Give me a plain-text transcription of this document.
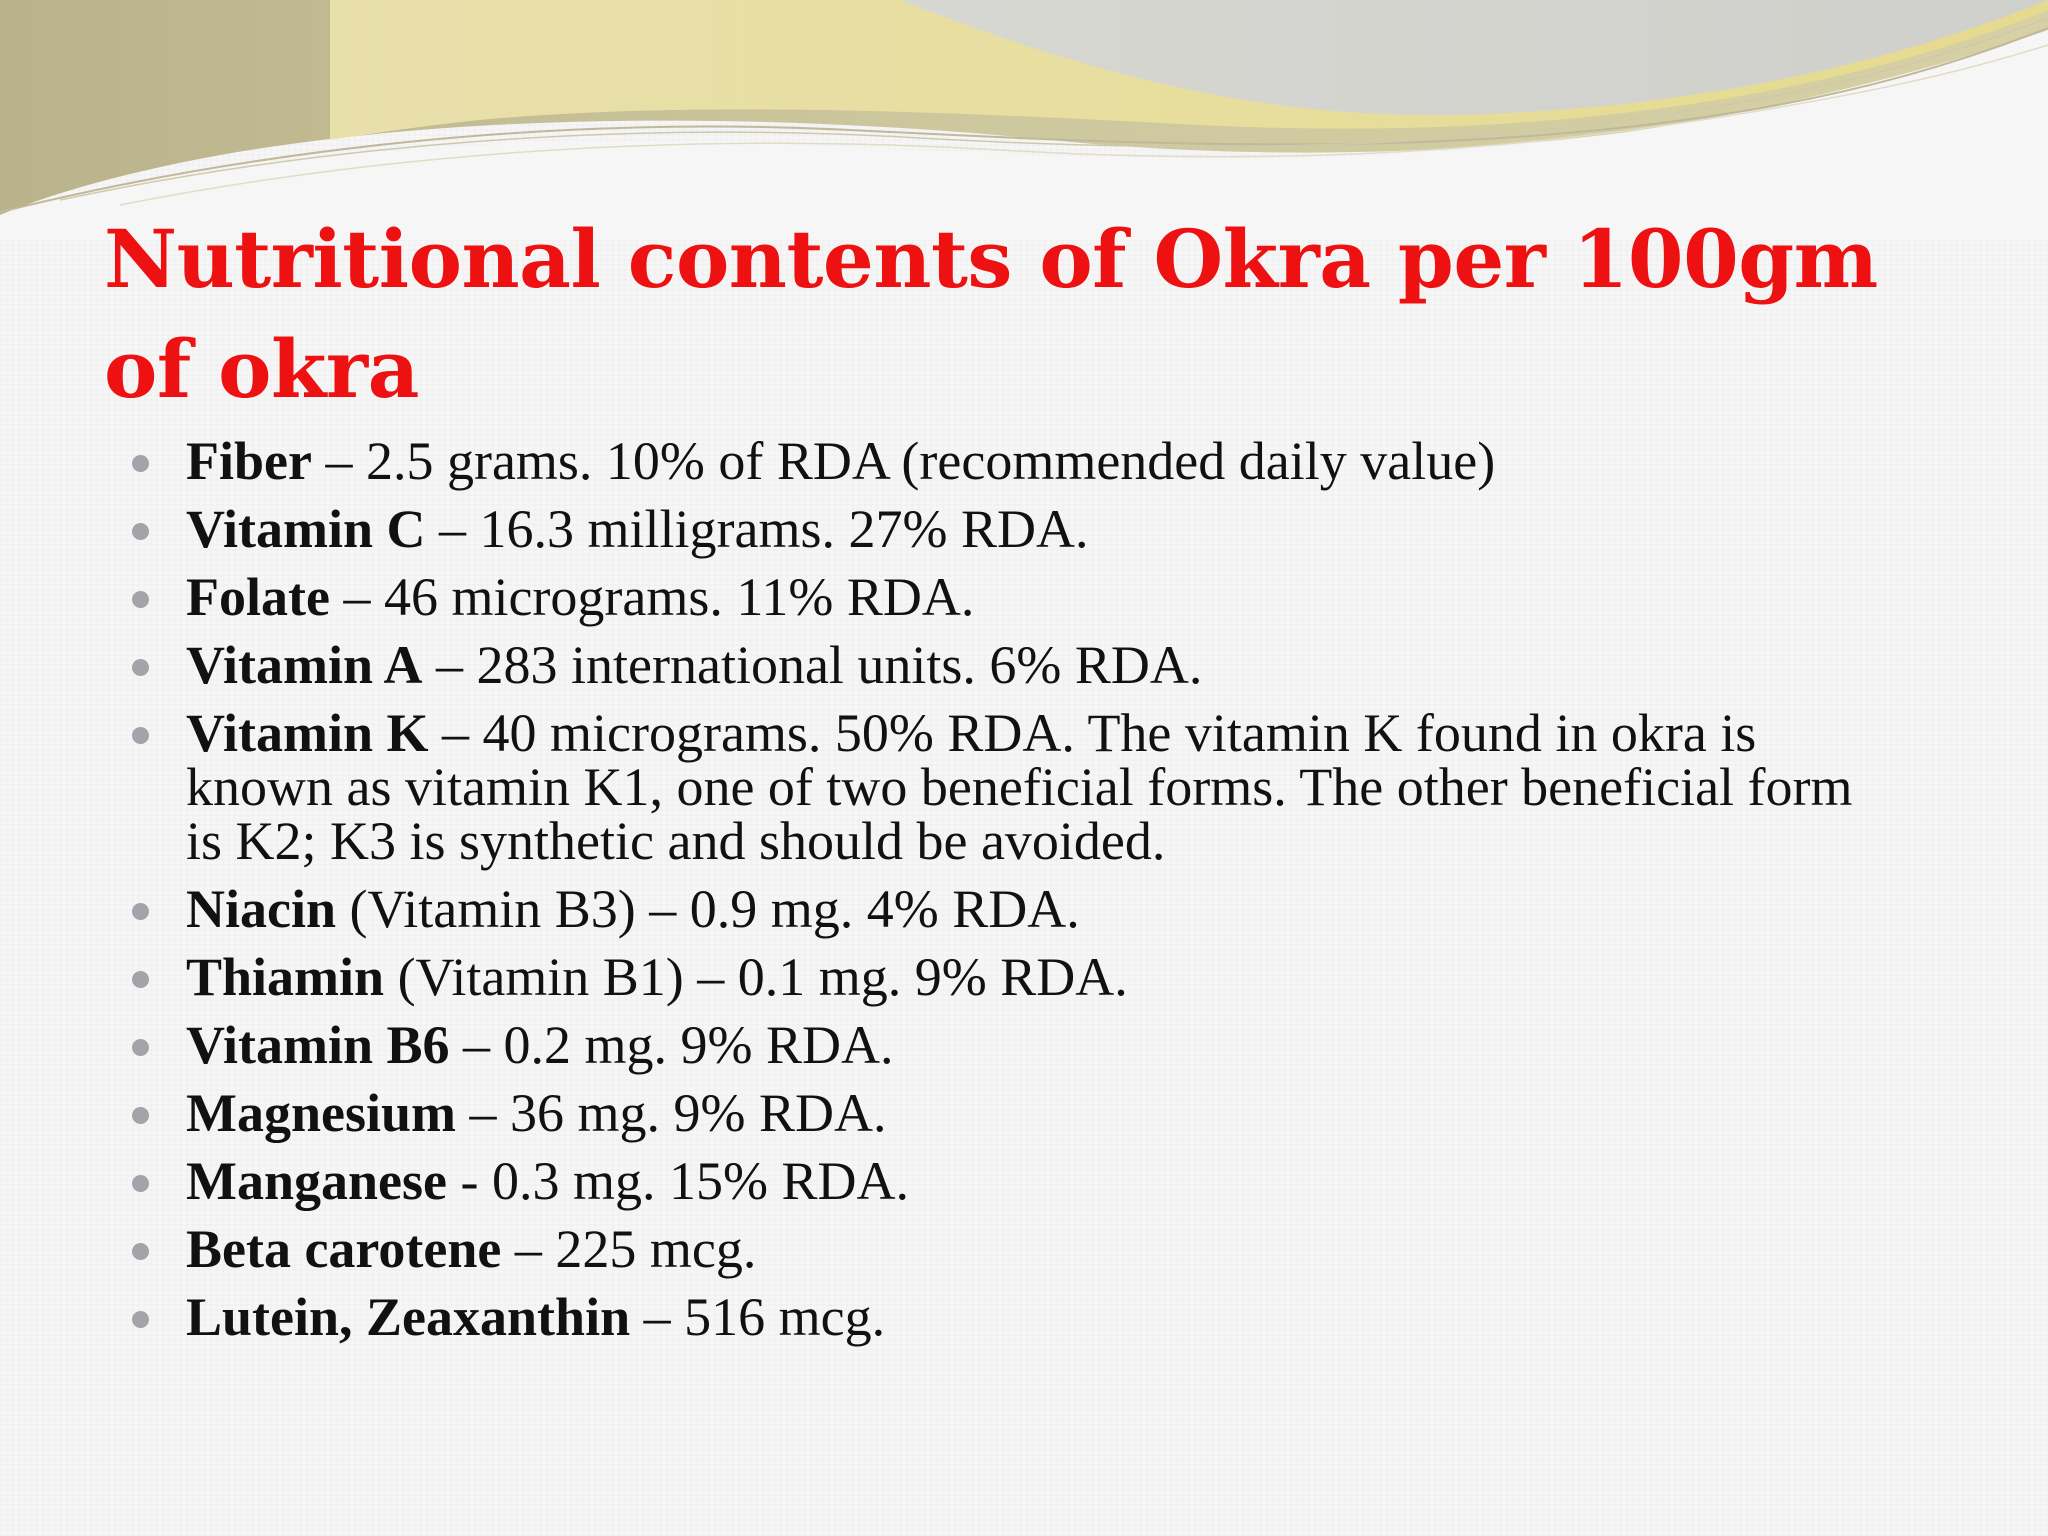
Nutritional contents of Okra per 100gm of okra
Fiber – 2.5 grams. 10% of RDA (recommended daily value)
Vitamin C – 16.3 milligrams. 27% RDA.
Folate – 46 micrograms. 11% RDA.
Vitamin A – 283 international units. 6% RDA.
Vitamin K – 40 micrograms. 50% RDA. The vitamin K found in okra is known as vitamin K1, one of two beneficial forms. The other beneficial form is K2; K3 is synthetic and should be avoided.
Niacin (Vitamin B3) – 0.9 mg. 4% RDA.
Thiamin (Vitamin B1) – 0.1 mg. 9% RDA.
Vitamin B6 – 0.2 mg. 9% RDA.
Magnesium – 36 mg. 9% RDA.
Manganese - 0.3 mg. 15% RDA.
Beta carotene – 225 mcg.
Lutein, Zeaxanthin – 516 mcg.
